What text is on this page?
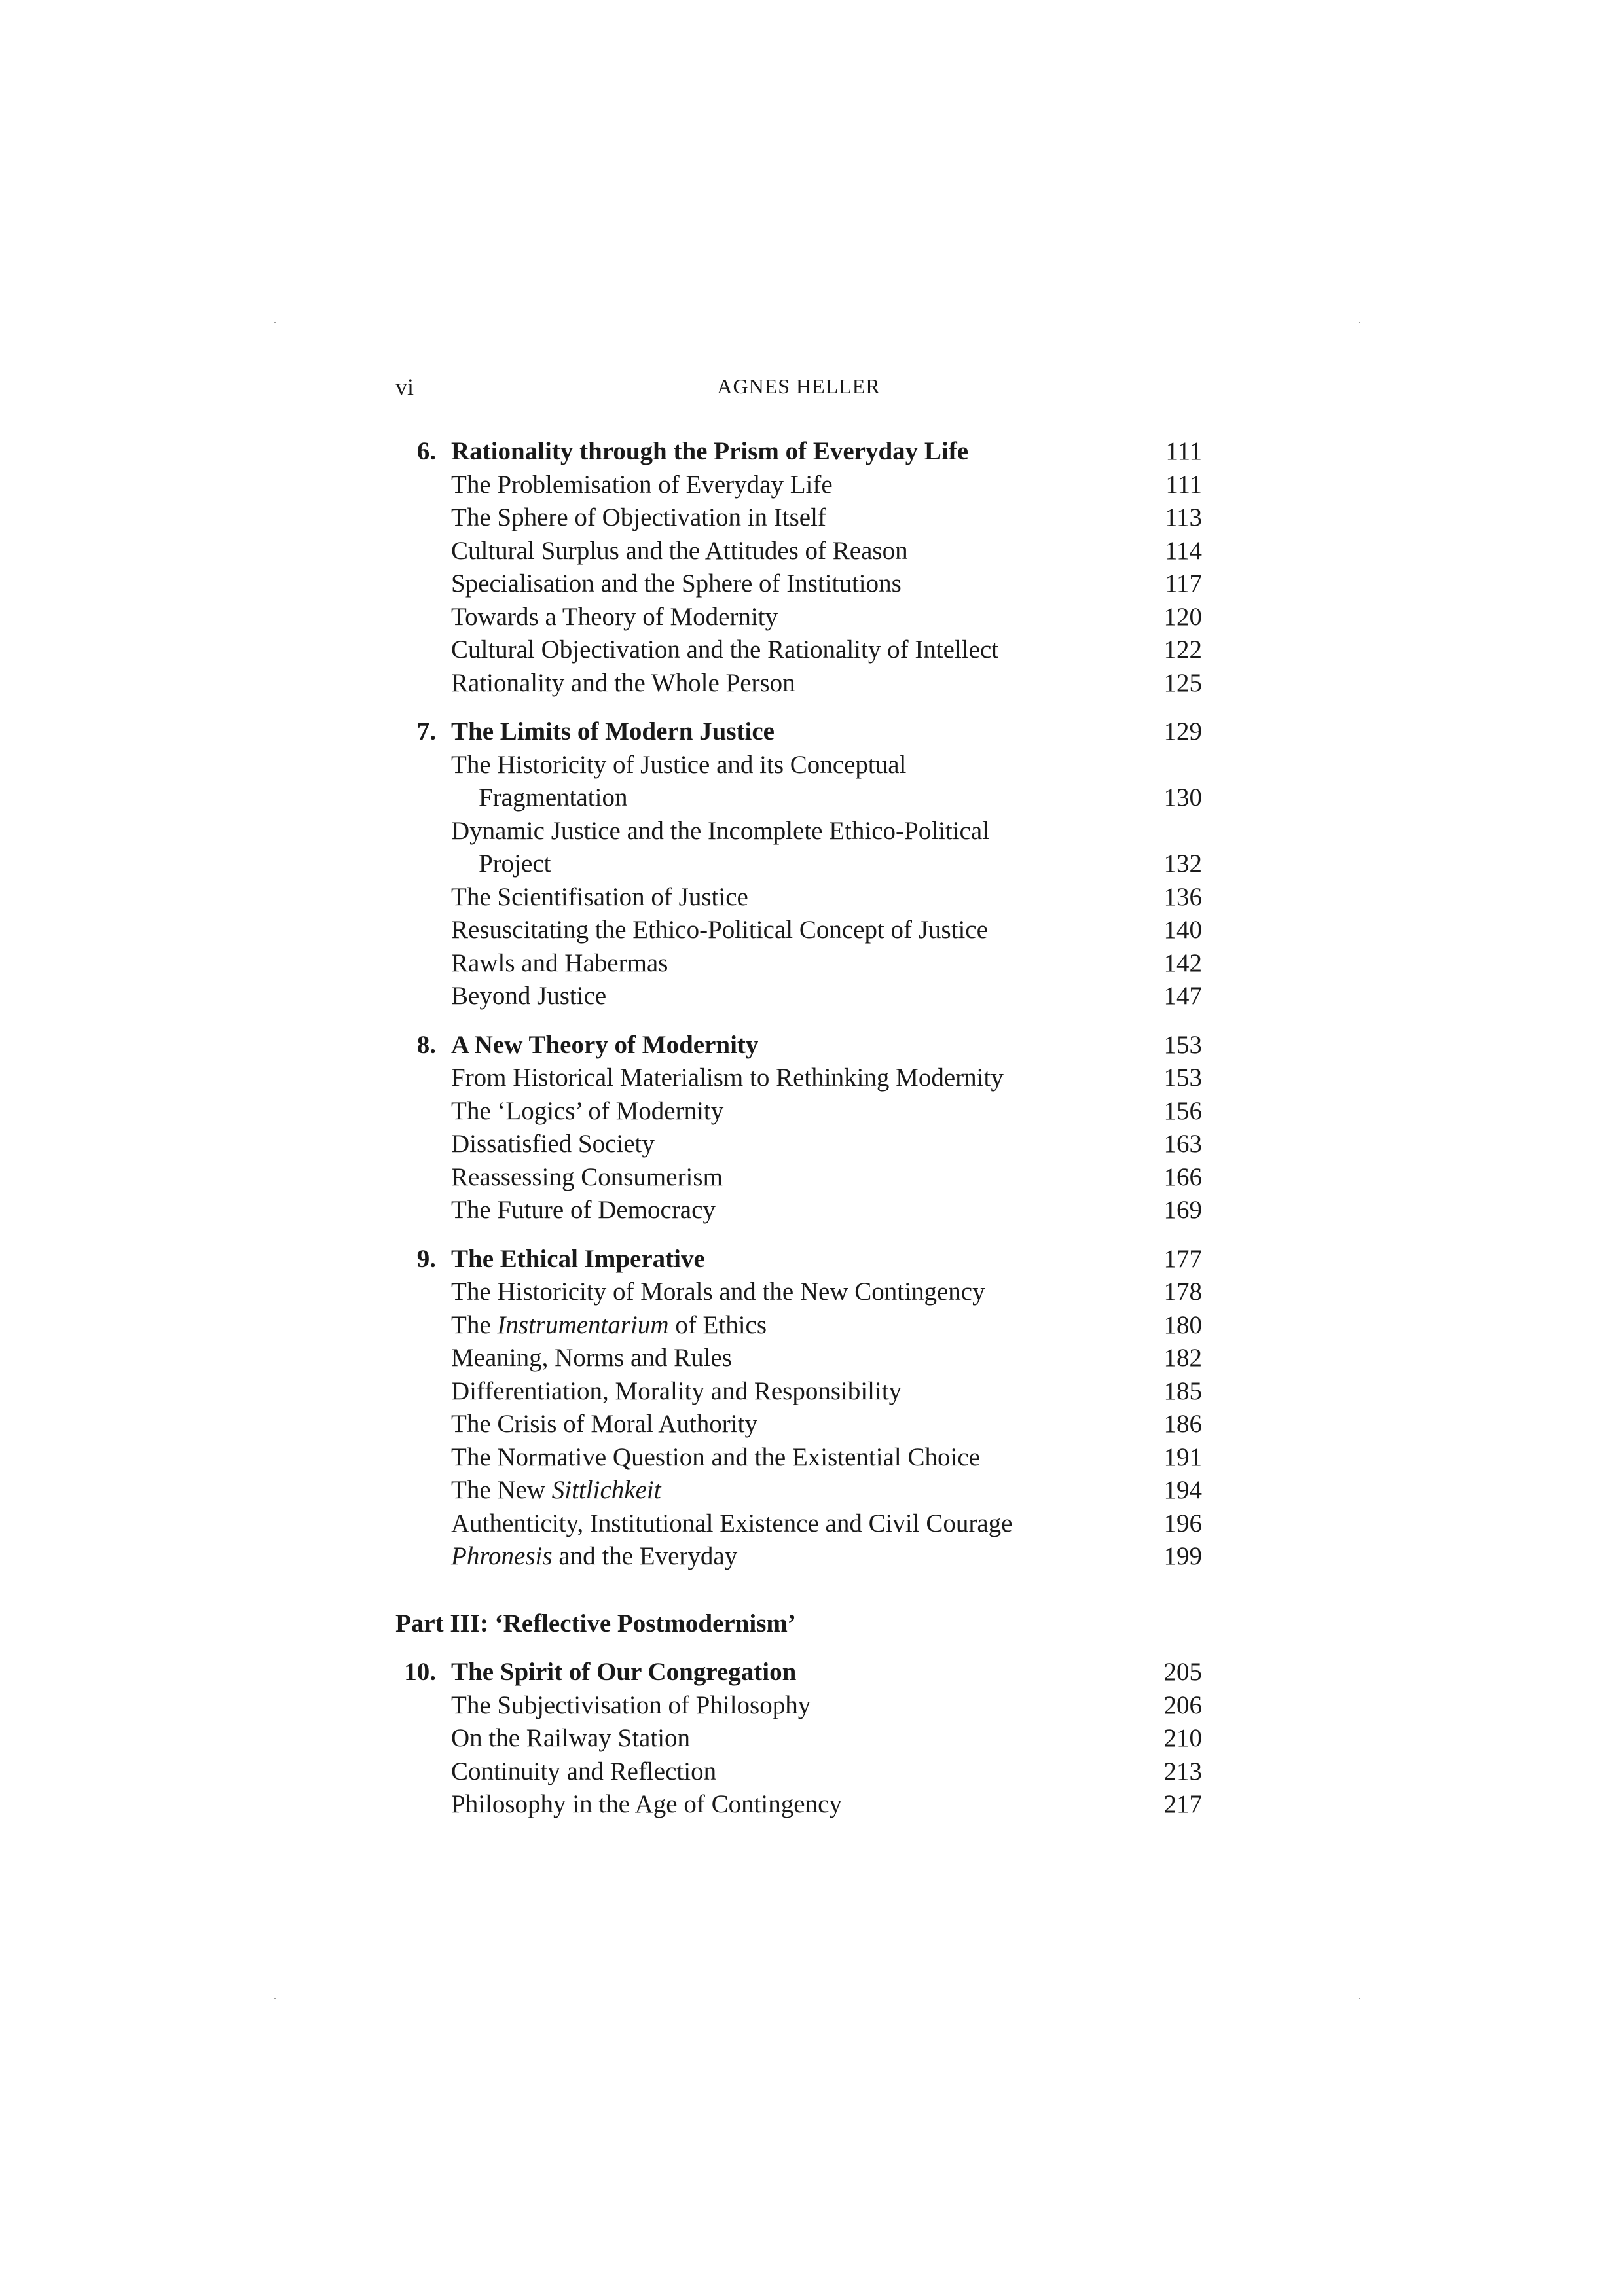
vi	AGNES HELLER
6. Rationality through the Prism of Everyday Life	111
The Problemisation of Everyday Life	111
The Sphere of Objectivation in Itself	113
Cultural Surplus and the Attitudes of Reason	114
Specialisation and the Sphere of Institutions	117
Towards a Theory of Modernity	120
Cultural Objectivation and the Rationality of Intellect	122
Rationality and the Whole Person	125
7. The Limits of Modern Justice	129
The Historicity of Justice and its Conceptual
Fragmentation	130
Dynamic Justice and the Incomplete Ethico-Political
Project	132
The Scientifisation of Justice	136
Resuscitating the Ethico-Political Concept of Justice	140
Rawls and Habermas	142
Beyond Justice	147
8. A New Theory of Modernity	153
From Historical Materialism to Rethinking Modernity	153
The ‘Logics’ of Modernity	156
Dissatisfied Society	163
Reassessing Consumerism	166
The Future of Democracy	169
9. The Ethical Imperative	177
The Historicity of Morals and the New Contingency	178
The Instrumentarium of Ethics	180
Meaning, Norms and Rules	182
Differentiation, Morality and Responsibility	185
The Crisis of Moral Authority	186
The Normative Question and the Existential Choice	191
The New Sittlichkeit	194
Authenticity, Institutional Existence and Civil Courage	196
Phronesis and the Everyday	199
Part III: ‘Reflective Postmodernism’
10. The Spirit of Our Congregation	205
The Subjectivisation of Philosophy	206
On the Railway Station	210
Continuity and Reflection	213
Philosophy in the Age of Contingency	217
